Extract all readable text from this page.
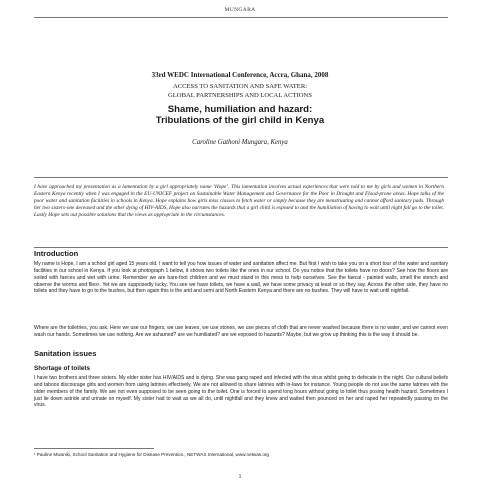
MUNGARA
33rd WEDC International Conference, Accra, Ghana, 2008
ACCESS TO SANITATION AND SAFE WATER:
GLOBAL PARTNERSHIPS AND LOCAL ACTIONS
Shame, humiliation and hazard:
Tribulations of the girl child in Kenya
Caroline Gathoni Mungara, Kenya
I have approached my presentation as a lamentation by a girl appropriately name ‘Hope’. This lamentation involves actual experiences that were told to me by girls and women in Northern Eastern Kenya recently when I was engaged in the EU-UNICEF project on Sustainable Water Management and Governance for the Poor in Drought and Flood-prone areas. Hope talks of the poor water and sanitation facilities in schools in Kenya. Hope explains how girls miss classes to fetch water or simply because they are menstruating and cannot afford sanitary pads. Through her two sisters-one deceased and the other dying of HIV-AIDS, Hope also narrates the hazards that a girl child is exposed to and the humiliation of having to wait until night fall go to the toilet. Lastly Hope sets out possible solutions that the views as appropriate in the circumstances.
Introduction
My name is Hope, I am a school girl aged 15 years old. I want to tell you how issues of water and sanitation affect me. But first I wish to take you on a short tour of the water and sanitary facilities in our school in Kenya. If you look at photograph 1 below, it shows two toilets like the ones in our school. Do you notice that the toilets have no doors? See how the floors are soiled with faeces and wet with urine. Remember we are bare-foot children and we must stand in this mess to help ourselves. See the faecal - painted walls, smell the stench and observe the worms and flies¹. Yet we are supposedly lucky. You see we have toilets, we have a wall, we have some privacy at least or so they say. Across the other side, they have no toilets and they have to go to the bushes, but then again this is the arid and semi arid North Eastern Kenya and there are no bushes. They will have to wait until nightfall.
Where are the toiletries, you ask. Here we use our fingers, we use leaves, we use stones, we use pieces of cloth that are never washed because there is no water, and we cannot even wash our hands. Sometimes we use nothing. Are we ashamed? are we humiliated? are we exposed to hazards? Maybe, but we grow up thinking this is the way it should be.
Sanitation issues
Shortage of toilets
I have two brothers and three sisters. My elder sister has HIV/AIDS and is dying. She was gang raped and infected with the virus whilst going to defecate in the night. Our cultural beliefs and taboos discourage girls and women from using latrines effectively. We are not allowed to share latrines with in-laws for instance. Young people do not use the same latrines with the older members of the family. We are not even supposed to be seen going to the toilet. One is forced to spend long hours without going to toilet thus posing health hazard. Sometimes I just lie down astride and urinate on myself. My sister had to wait as we all do, until nightfall and they knew and waited then pounced on her and raped her repeatedly passing on the virus.
¹ Pauline Mwaniki, School Sanitation and Hygiene for Disease Prevention., NETWAS International, www.netwas.org
1
